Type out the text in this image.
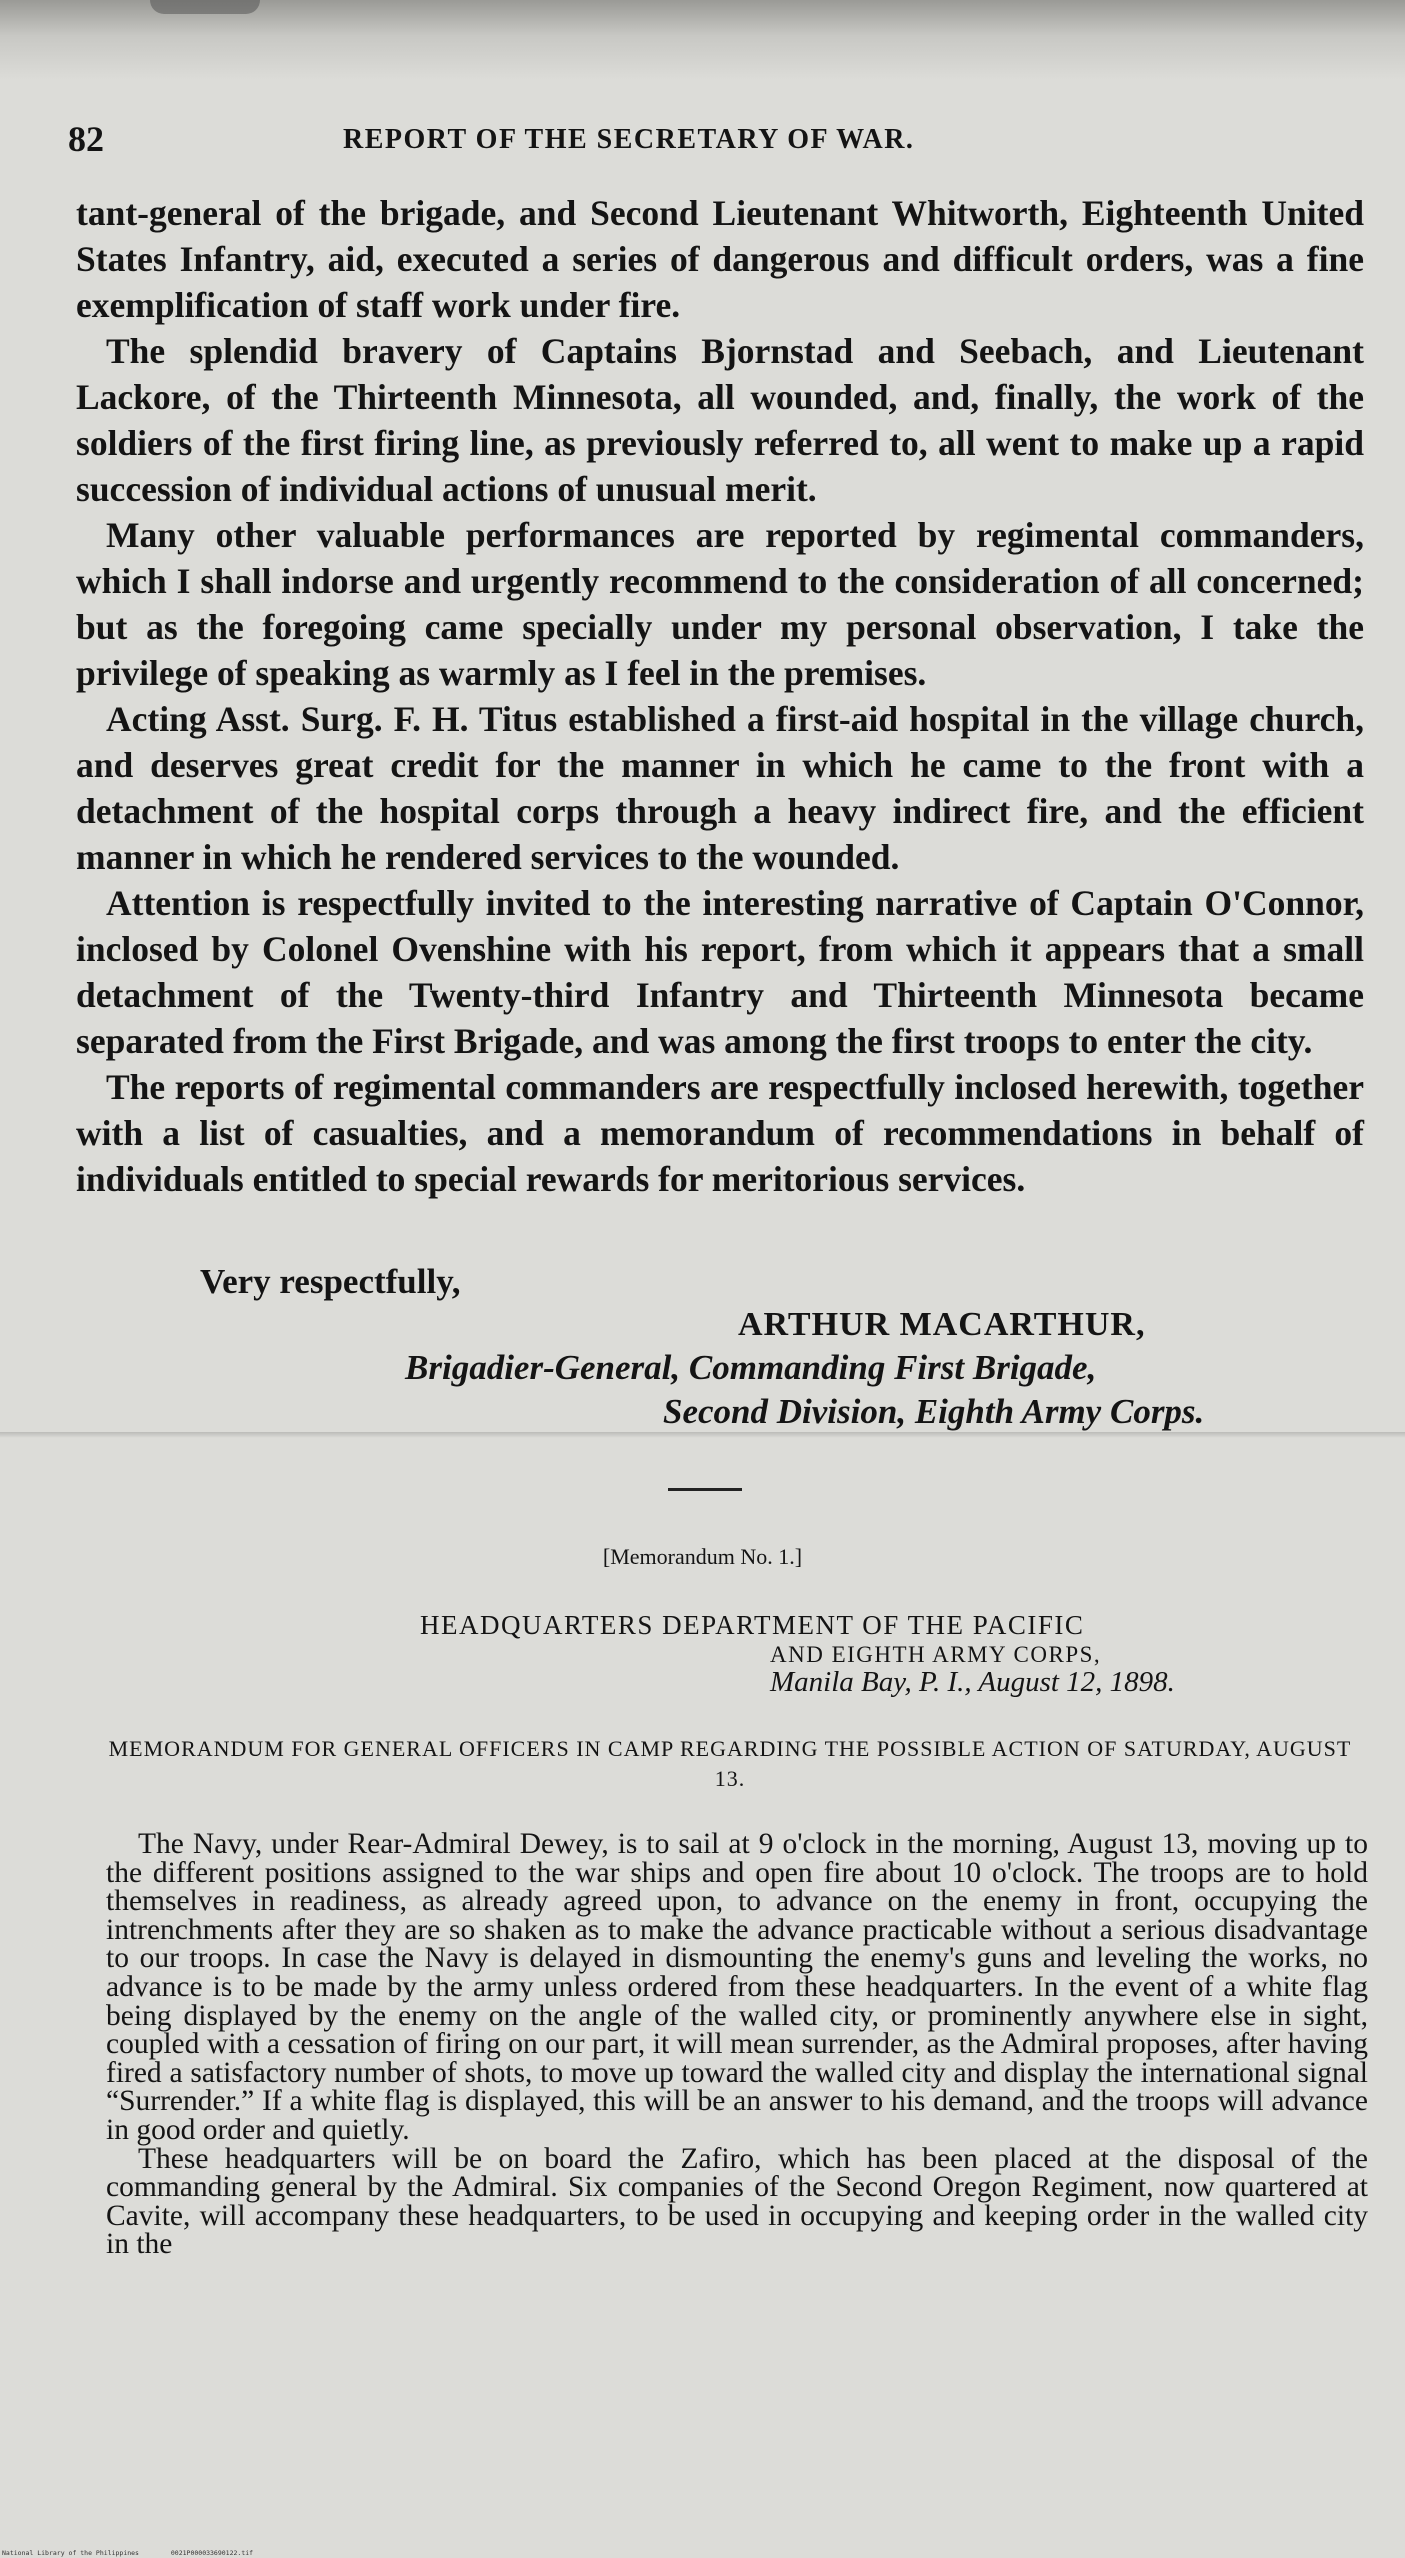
82	REPORT OF THE SECRETARY OF WAR.

tant-general of the brigade, and Second Lieutenant Whitworth, Eighteenth United States Infantry, aid, executed a series of dangerous and difficult orders, was a fine exemplification of staff work under fire.

The splendid bravery of Captains Bjornstad and Seebach, and Lieutenant Lackore, of the Thirteenth Minnesota, all wounded, and, finally, the work of the soldiers of the first firing line, as previously referred to, all went to make up a rapid succession of individual actions of unusual merit.

Many other valuable performances are reported by regimental commanders, which I shall indorse and urgently recommend to the consideration of all concerned; but as the foregoing came specially under my personal observation, I take the privilege of speaking as warmly as I feel in the premises.

Acting Asst. Surg. F. H. Titus established a first-aid hospital in the village church, and deserves great credit for the manner in which he came to the front with a detachment of the hospital corps through a heavy indirect fire, and the efficient manner in which he rendered services to the wounded.

Attention is respectfully invited to the interesting narrative of Captain O'Connor, inclosed by Colonel Ovenshine with his report, from which it appears that a small detachment of the Twenty-third Infantry and Thirteenth Minnesota became separated from the First Brigade, and was among the first troops to enter the city.

The reports of regimental commanders are respectfully inclosed herewith, together with a list of casualties, and a memorandum of recommendations in behalf of individuals entitled to special rewards for meritorious services.

Very respectfully,
ARTHUR MACARTHUR,
Brigadier-General, Commanding First Brigade,
Second Division, Eighth Army Corps.
[Memorandum No. 1.]
HEADQUARTERS DEPARTMENT OF THE PACIFIC
AND EIGHTH ARMY CORPS,
Manila Bay, P. I., August 12, 1898.
MEMORANDUM FOR GENERAL OFFICERS IN CAMP REGARDING THE POSSIBLE ACTION OF SATURDAY, AUGUST 13.

The Navy, under Rear-Admiral Dewey, is to sail at 9 o'clock in the morning, August 13, moving up to the different positions assigned to the war ships and open fire about 10 o'clock. The troops are to hold themselves in readiness, as already agreed upon, to advance on the enemy in front, occupying the intrenchments after they are so shaken as to make the advance practicable without a serious disadvantage to our troops. In case the Navy is delayed in dismounting the enemy's guns and leveling the works, no advance is to be made by the army unless ordered from these headquarters. In the event of a white flag being displayed by the enemy on the angle of the walled city, or prominently anywhere else in sight, coupled with a cessation of firing on our part, it will mean surrender, as the Admiral proposes, after having fired a satisfactory number of shots, to move up toward the walled city and display the international signal “Surrender.” If a white flag is displayed, this will be an answer to his demand, and the troops will advance in good order and quietly.

These headquarters will be on board the Zafiro, which has been placed at the disposal of the commanding general by the Admiral. Six companies of the Second Oregon Regiment, now quartered at Cavite, will accompany these headquarters, to be used in occupying and keeping order in the walled city in the

National Library of the Philippines	0021P000033690122.tif
